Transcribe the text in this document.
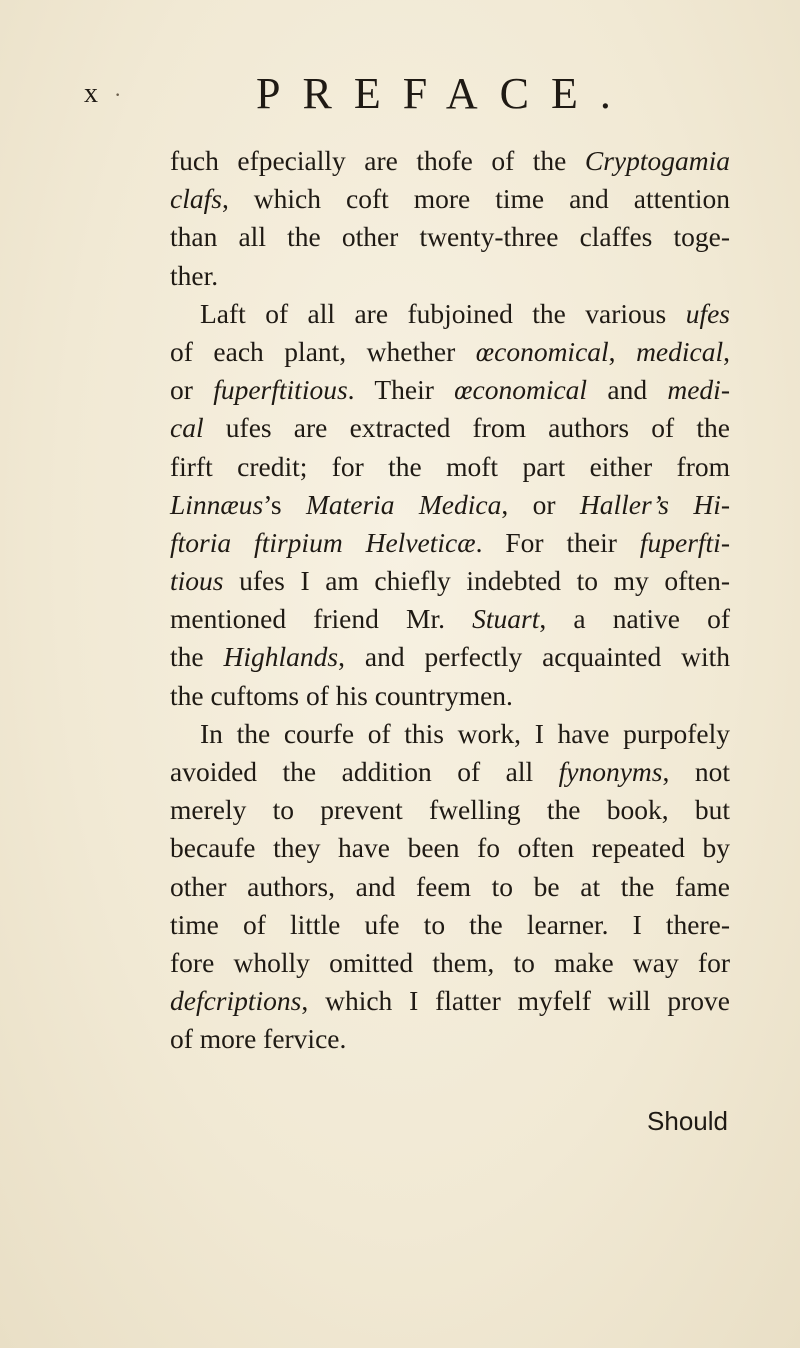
x ·	PREFACE.
fuch efpecially are thofe of the Cryptogamia
clafs, which coft more time and attention
than all the other twenty-three claffes toge-
ther.
Laft of all are fubjoined the various ufes
of each plant, whether œconomical, medical,
or fuperftitious. Their œconomical and medi-
cal ufes are extracted from authors of the
firft credit; for the moft part either from
Linnæus’s Materia Medica, or Haller’s Hi-
ftoria ftirpium Helveticæ. For their fuperfti-
tious ufes I am chiefly indebted to my often-
mentioned friend Mr. Stuart, a native of
the Highlands, and perfectly acquainted with
the cuftoms of his countrymen.
In the courfe of this work, I have purpofely
avoided the addition of all fynonyms, not
merely to prevent fwelling the book, but
becaufe they have been fo often repeated by
other authors, and feem to be at the fame
time of little ufe to the learner. I there-
fore wholly omitted them, to make way for
defcriptions, which I flatter myfelf will prove
of more fervice.
Should
